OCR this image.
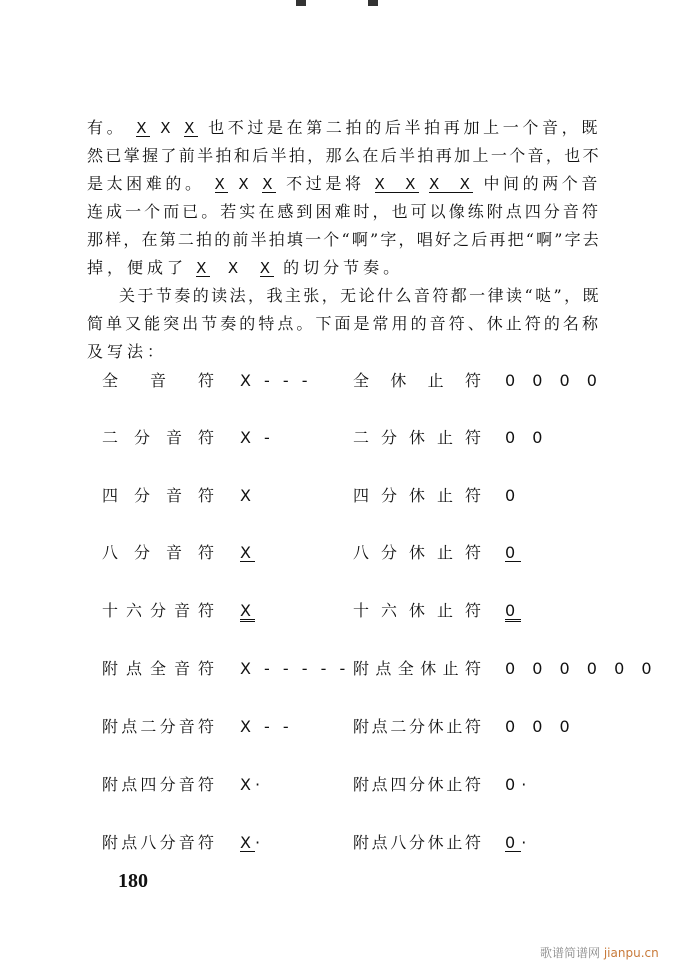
有。 X X X 也不过是在第二拍的后半拍再加上一个音，既
然已掌握了前半拍和后半拍，那么在后半拍再加上一个音，也不
是太困难的。 X X X 不过是将 X  X X  X 中间的两个音
连成一个而已。若实在感到困难时，也可以像练附点四分音符
那样，在第二拍的前半拍填一个“啊”字，唱好之后再把“啊”字去
掉，便成了 X X X 的切分节奏。
关于节奏的读法，我主张，无论什么音符都一律读“哒”，既
简单又能突出节奏的特点。下面是常用的音符、休止符的名称
及写法：
全音符 X - - -	全休止符 0 0 0 0
二分音符 X -	二分休止符 0 0
四分音符 X	四分休止符 0
八分音符 X	八分休止符 0
十六分音符 X	十六休止符 0
附点全音符 X - - - - - 附点全休止符 0 0 0 0 0 0
附点二分音符 X - -	附点二分休止符 0 0 0
附点四分音符 X·	附点四分休止符 0·
附点八分音符 X·	附点八分休止符 0·
180
歌谱简谱网 jianpu.cn
